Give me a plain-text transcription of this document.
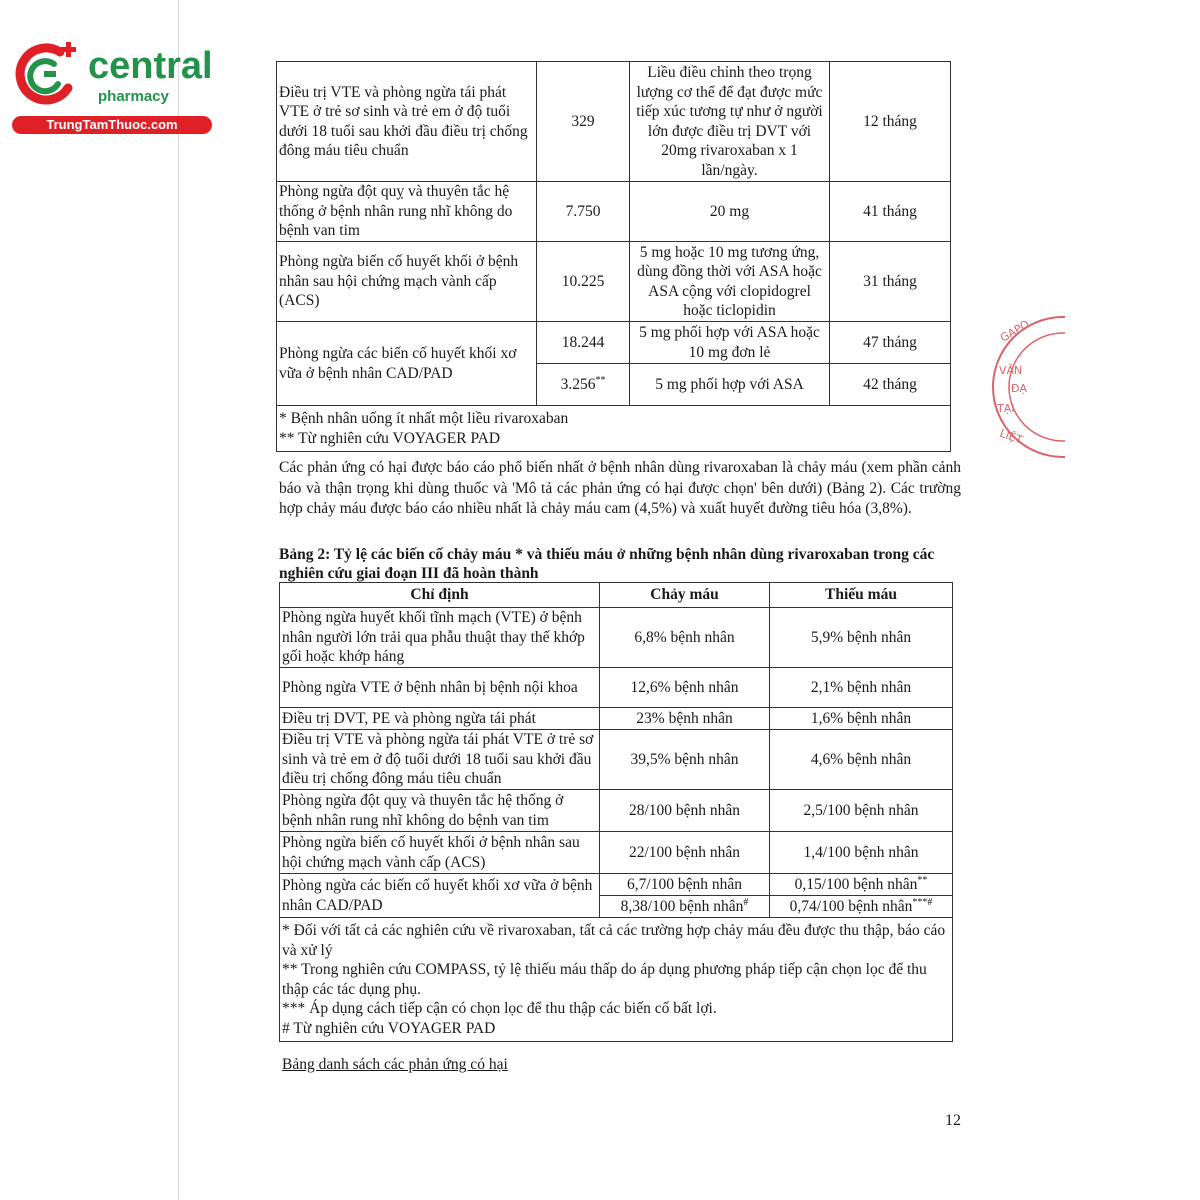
central
pharmacy
TrungTamThuoc.com
GAPO
VĂN
ĐẠ
TẠI
LIỆT
Điều trị VTE và phòng ngừa tái phát VTE ở trẻ sơ sinh và trẻ em ở độ tuổi dưới 18 tuổi sau khởi đầu điều trị chống đông máu tiêu chuẩn	329	Liều điều chỉnh theo trọng lượng cơ thể để đạt được mức tiếp xúc tương tự như ở người lớn được điều trị DVT với 20mg rivaroxaban x 1 lần/ngày.	12 tháng
Phòng ngừa đột quỵ và thuyên tắc hệ thống ở bệnh nhân rung nhĩ không do bệnh van tim	7.750	20 mg	41 tháng
Phòng ngừa biến cố huyết khối ở bệnh nhân sau hội chứng mạch vành cấp (ACS)	10.225	5 mg hoặc 10 mg tương ứng, dùng đồng thời với ASA hoặc ASA cộng với clopidogrel hoặc ticlopidin	31 tháng
Phòng ngừa các biến cố huyết khối xơ vữa ở bệnh nhân CAD/PAD	18.244	5 mg phối hợp với ASA hoặc 10 mg đơn lẻ	47 tháng
	3.256**	5 mg phối hợp với ASA	42 tháng

* Bệnh nhân uống ít nhất một liều rivaroxaban
** Từ nghiên cứu VOYAGER PAD			
Các phản ứng có hại được báo cáo phổ biến nhất ở bệnh nhân dùng rivaroxaban là chảy máu (xem phần cảnh báo và thận trọng khi dùng thuốc và 'Mô tả các phản ứng có hại được chọn' bên dưới) (Bảng 2). Các trường hợp chảy máu được báo cáo nhiều nhất là chảy máu cam (4,5%) và xuất huyết đường tiêu hóa (3,8%).
Bảng 2: Tỷ lệ các biến cố chảy máu * và thiếu máu ở những bệnh nhân dùng rivaroxaban trong các nghiên cứu giai đoạn III đã hoàn thành
Chỉ định	Chảy máu	Thiếu máu
Phòng ngừa huyết khối tĩnh mạch (VTE) ở bệnh nhân người lớn trải qua phẫu thuật thay thế khớp gối hoặc khớp háng	6,8% bệnh nhân	5,9% bệnh nhân
Phòng ngừa VTE ở bệnh nhân bị bệnh nội khoa	12,6% bệnh nhân	2,1% bệnh nhân
Điều trị DVT, PE và phòng ngừa tái phát	23% bệnh nhân	1,6% bệnh nhân
Điều trị VTE và phòng ngừa tái phát VTE ở trẻ sơ sinh và trẻ em ở độ tuổi dưới 18 tuổi sau khởi đầu điều trị chống đông máu tiêu chuẩn	39,5% bệnh nhân	4,6% bệnh nhân
Phòng ngừa đột quỵ và thuyên tắc hệ thống ở bệnh nhân rung nhĩ không do bệnh van tim	28/100 bệnh nhân	2,5/100 bệnh nhân
Phòng ngừa biến cố huyết khối ở bệnh nhân sau hội chứng mạch vành cấp (ACS)	22/100 bệnh nhân	1,4/100 bệnh nhân
Phòng ngừa các biến cố huyết khối xơ vữa ở bệnh nhân CAD/PAD	6,7/100 bệnh nhân	0,15/100 bệnh nhân**
	8,38/100 bệnh nhân#	0,74/100 bệnh nhân***#

* Đối với tất cả các nghiên cứu về rivaroxaban, tất cả các trường hợp chảy máu đều được thu thập, báo cáo và xử lý
** Trong nghiên cứu COMPASS, tỷ lệ thiếu máu thấp do áp dụng phương pháp tiếp cận chọn lọc để thu thập các tác dụng phụ.
*** Áp dụng cách tiếp cận có chọn lọc để thu thập các biến cố bất lợi.
# Từ nghiên cứu VOYAGER PAD		
Bảng danh sách các phản ứng có hại
12
